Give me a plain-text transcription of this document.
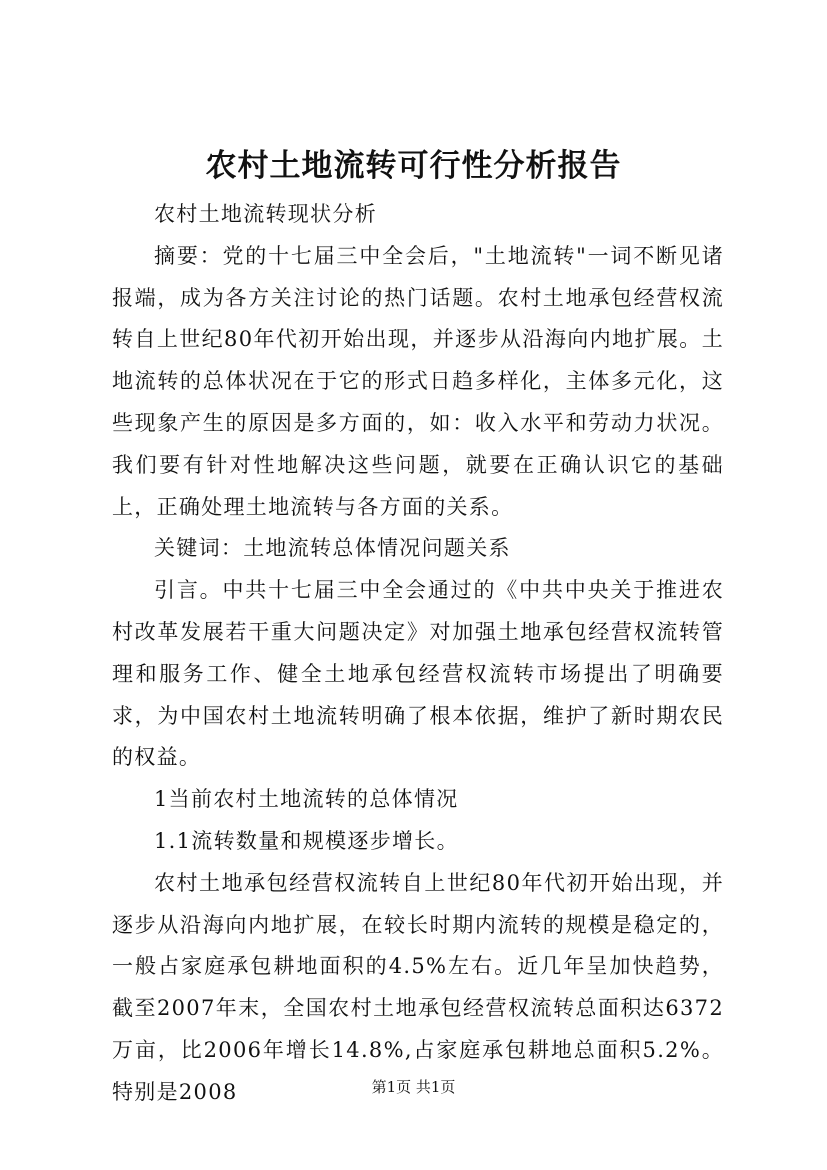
农村土地流转可行性分析报告

农村土地流转现状分析

摘要：党的十七届三中全会后，"土地流转"一词不断见诸报端，成为各方关注讨论的热门话题。农村土地承包经营权流转自上世纪80年代初开始出现，并逐步从沿海向内地扩展。土地流转的总体状况在于它的形式日趋多样化，主体多元化，这些现象产生的原因是多方面的，如：收入水平和劳动力状况。我们要有针对性地解决这些问题，就要在正确认识它的基础上，正确处理土地流转与各方面的关系。

关键词：土地流转总体情况问题关系

引言。中共十七届三中全会通过的《中共中央关于推进农村改革发展若干重大问题决定》对加强土地承包经营权流转管理和服务工作、健全土地承包经营权流转市场提出了明确要求，为中国农村土地流转明确了根本依据，维护了新时期农民的权益。

1当前农村土地流转的总体情况

1.1流转数量和规模逐步增长。

农村土地承包经营权流转自上世纪80年代初开始出现，并逐步从沿海向内地扩展，在较长时期内流转的规模是稳定的，一般占家庭承包耕地面积的4.5%左右。近几年呈加快趋势，截至2007年末，全国农村土地承包经营权流转总面积达6372万亩，比2006年增长14.8%,占家庭承包耕地总面积5.2%。特别是2008	第1页 共1页
